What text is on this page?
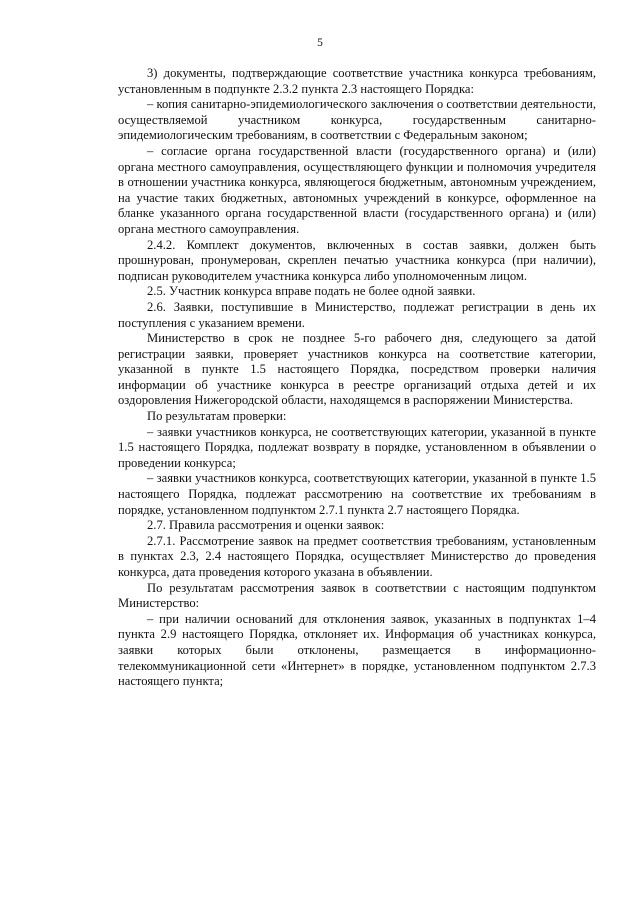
5

3) документы, подтверждающие соответствие участника конкурса требованиям, установленным в подпункте 2.3.2 пункта 2.3 настоящего Порядка:

– копия санитарно-эпидемиологического заключения о соответствии деятельности, осуществляемой участником конкурса, государственным санитарно-эпидемиологическим требованиям, в соответствии с Федеральным законом;

– согласие органа государственной власти (государственного органа) и (или) органа местного самоуправления, осуществляющего функции и полномочия учредителя в отношении участника конкурса, являющегося бюджетным, автономным учреждением, на участие таких бюджетных, автономных учреждений в конкурсе, оформленное на бланке указанного органа государственной власти (государственного органа) и (или) органа местного самоуправления.

2.4.2. Комплект документов, включенных в состав заявки, должен быть прошнурован, пронумерован, скреплен печатью участника конкурса (при наличии), подписан руководителем участника конкурса либо уполномоченным лицом.

2.5. Участник конкурса вправе подать не более одной заявки.

2.6. Заявки, поступившие в Министерство, подлежат регистрации в день их поступления с указанием времени.

Министерство в срок не позднее 5-го рабочего дня, следующего за датой регистрации заявки, проверяет участников конкурса на соответствие категории, указанной в пункте 1.5 настоящего Порядка, посредством проверки наличия информации об участнике конкурса в реестре организаций отдыха детей и их оздоровления Нижегородской области, находящемся в распоряжении Министерства.

По результатам проверки:

– заявки участников конкурса, не соответствующих категории, указанной в пункте 1.5 настоящего Порядка, подлежат возврату в порядке, установленном в объявлении о проведении конкурса;

– заявки участников конкурса, соответствующих категории, указанной в пункте 1.5 настоящего Порядка, подлежат рассмотрению на соответствие их требованиям в порядке, установленном подпунктом 2.7.1 пункта 2.7 настоящего Порядка.

2.7. Правила рассмотрения и оценки заявок:

2.7.1. Рассмотрение заявок на предмет соответствия требованиям, установленным в пунктах 2.3, 2.4 настоящего Порядка, осуществляет Министерство до проведения конкурса, дата проведения которого указана в объявлении.

По результатам рассмотрения заявок в соответствии с настоящим подпунктом Министерство:

– при наличии оснований для отклонения заявок, указанных в подпунктах 1–4 пункта 2.9 настоящего Порядка, отклоняет их. Информация об участниках конкурса, заявки которых были отклонены, размещается в информационно-телекоммуникационной сети «Интернет» в порядке, установленном подпунктом 2.7.3 настоящего пункта;
